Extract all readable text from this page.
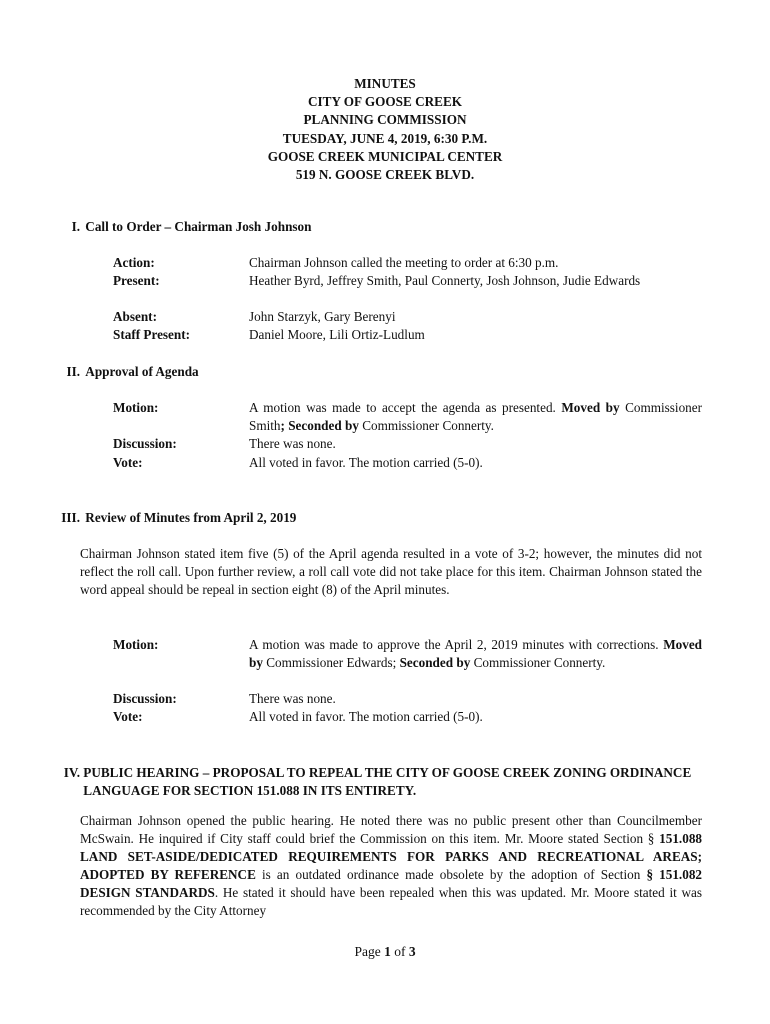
MINUTES
CITY OF GOOSE CREEK
PLANNING COMMISSION
TUESDAY, JUNE 4, 2019, 6:30 P.M.
GOOSE CREEK MUNICIPAL CENTER
519 N. GOOSE CREEK BLVD.
I. Call to Order – Chairman Josh Johnson
Action:	Chairman Johnson called the meeting to order at 6:30 p.m.
Present:	Heather Byrd, Jeffrey Smith, Paul Connerty, Josh Johnson, Judie Edwards
Absent:	John Starzyk, Gary Berenyi
Staff Present:	Daniel Moore, Lili Ortiz-Ludlum
II. Approval of Agenda
Motion:	A motion was made to accept the agenda as presented. Moved by Commissioner Smith; Seconded by Commissioner Connerty.
Discussion:	There was none.
Vote:	All voted in favor. The motion carried (5-0).
III. Review of Minutes from April 2, 2019
Chairman Johnson stated item five (5) of the April agenda resulted in a vote of 3-2; however, the minutes did not reflect the roll call. Upon further review, a roll call vote did not take place for this item. Chairman Johnson stated the word appeal should be repeal in section eight (8) of the April minutes.
Motion:	A motion was made to approve the April 2, 2019 minutes with corrections. Moved by Commissioner Edwards; Seconded by Commissioner Connerty.
Discussion:	There was none.
Vote:	All voted in favor. The motion carried (5-0).
IV. PUBLIC HEARING – PROPOSAL TO REPEAL THE CITY OF GOOSE CREEK ZONING ORDINANCE LANGUAGE FOR SECTION 151.088 IN ITS ENTIRETY.
Chairman Johnson opened the public hearing. He noted there was no public present other than Councilmember McSwain. He inquired if City staff could brief the Commission on this item. Mr. Moore stated Section § 151.088 LAND SET-ASIDE/DEDICATED REQUIREMENTS FOR PARKS AND RECREATIONAL AREAS; ADOPTED BY REFERENCE is an outdated ordinance made obsolete by the adoption of Section § 151.082 DESIGN STANDARDS. He stated it should have been repealed when this was updated. Mr. Moore stated it was recommended by the City Attorney
Page 1 of 3
